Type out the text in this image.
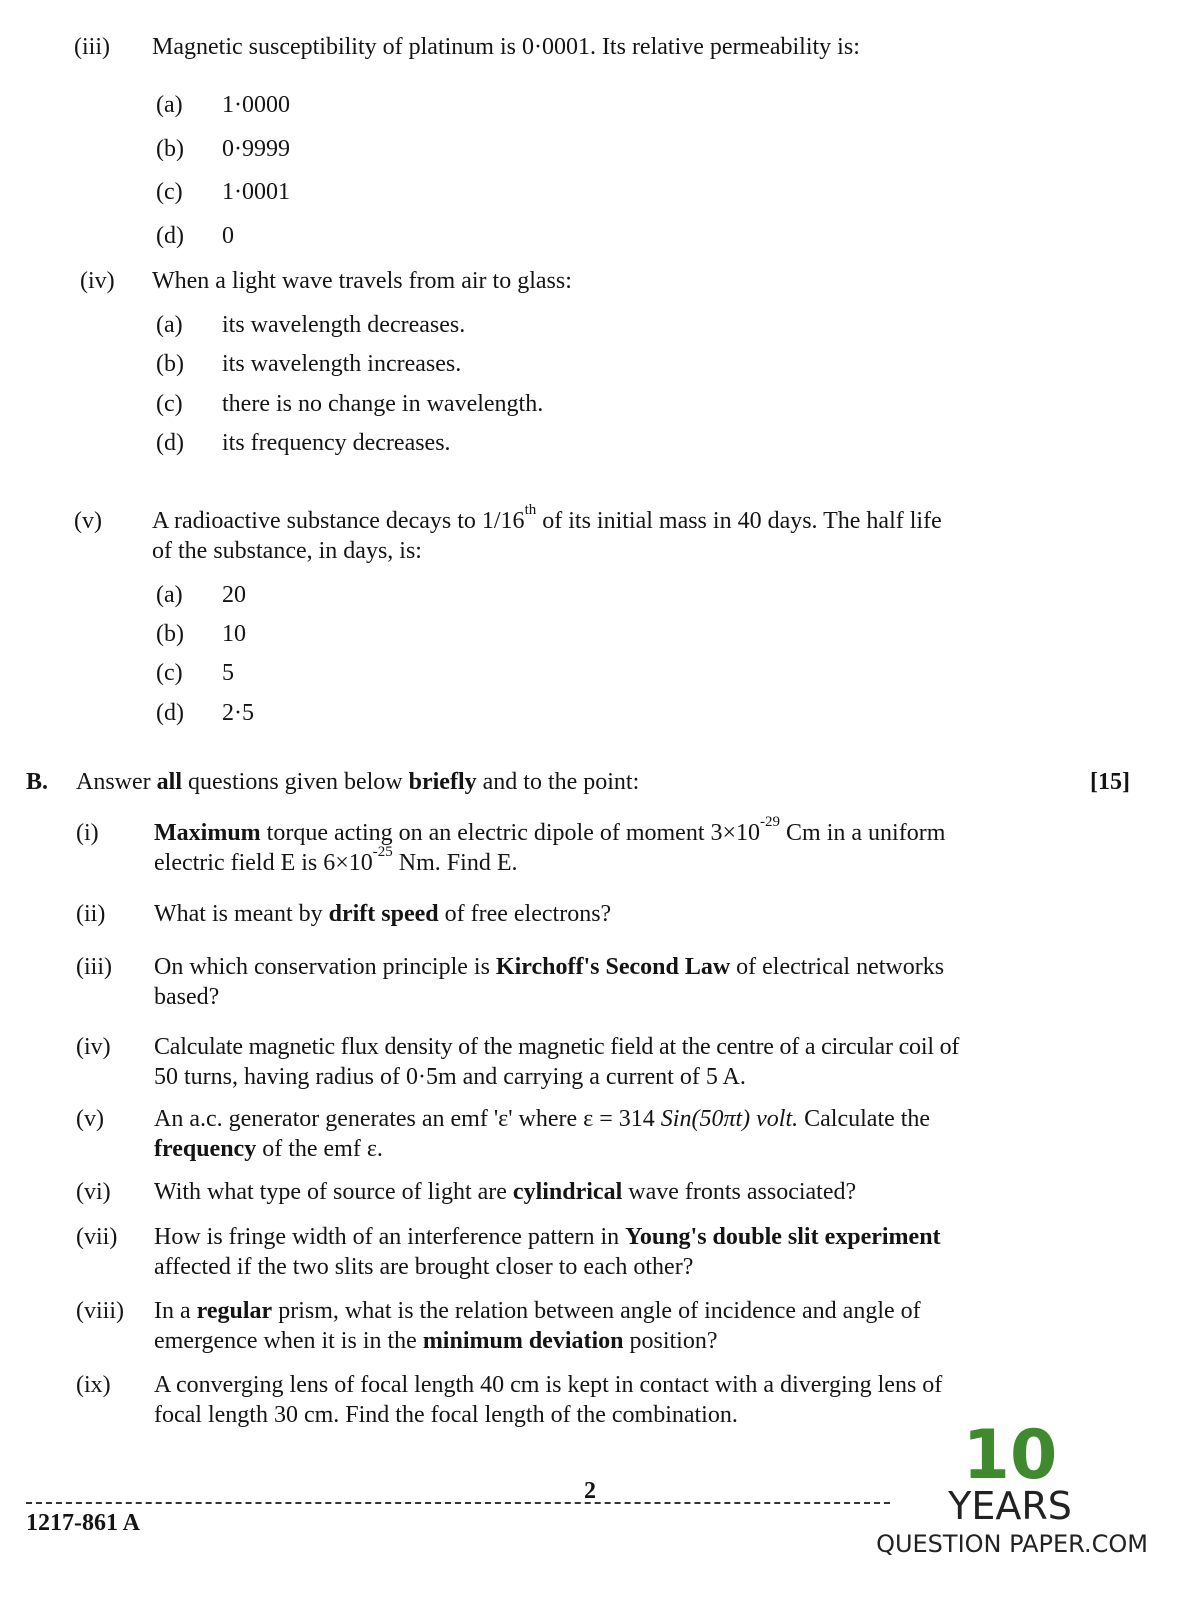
(iii) Magnetic susceptibility of platinum is 0·0001. Its relative permeability is:
(a) 1·0000
(b) 0·9999
(c) 1·0001
(d) 0
(iv) When a light wave travels from air to glass:
(a) its wavelength decreases.
(b) its wavelength increases.
(c) there is no change in wavelength.
(d) its frequency decreases.
(v) A radioactive substance decays to 1/16th of its initial mass in 40 days. The half life
of the substance, in days, is:
(a) 20
(b) 10
(c) 5
(d) 2·5
B. Answer all questions given below briefly and to the point:	[15]
(i) Maximum torque acting on an electric dipole of moment $3\times 10^{-29}$ Cm in a uniform
electric field E is $6\times 10^{-25}$ Nm. Find E.
(ii) What is meant by drift speed of free electrons?
(iii) On which conservation principle is Kirchoff's Second Law of electrical networks
based?
(iv) Calculate magnetic flux density of the magnetic field at the centre of a circular coil of
50 turns, having radius of 0·5m and carrying a current of 5 A.
(v) An a.c. generator generates an emf 'ε' where ε = 314 Sin(50πt) volt. Calculate the
frequency of the emf ε.
(vi) With what type of source of light are cylindrical wave fronts associated?
(vii) How is fringe width of an interference pattern in Young's double slit experiment
affected if the two slits are brought closer to each other?
(viii) In a regular prism, what is the relation between angle of incidence and angle of
emergence when it is in the minimum deviation position?
(ix) A converging lens of focal length 40 cm is kept in contact with a diverging lens of
focal length 30 cm. Find the focal length of the combination.
2
1217-861 A
10
YEARS
QUESTION PAPER.COM
